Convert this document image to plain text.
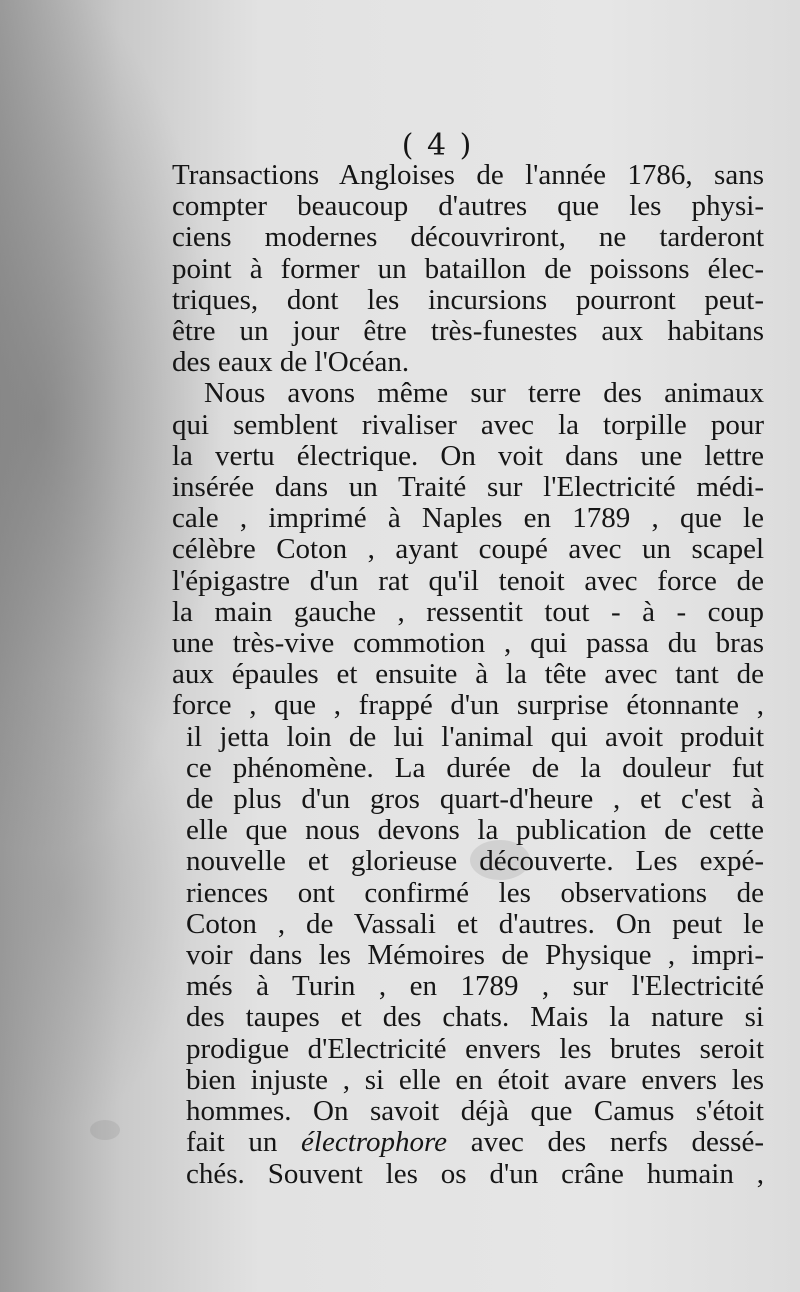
( 4 )
Transactions Angloises de l'année 1786, sans
compter beaucoup d'autres que les physi-
ciens modernes découvriront, ne tarderont
point à former un bataillon de poissons élec-
triques, dont les incursions pourront peut-
être un jour être très-funestes aux habitans
des eaux de l'Océan.
Nous avons même sur terre des animaux
qui semblent rivaliser avec la torpille pour
la vertu électrique. On voit dans une lettre
insérée dans un Traité sur l'Electricité médi-
cale , imprimé à Naples en 1789 , que le
célèbre Coton , ayant coupé avec un scapel
l'épigastre d'un rat qu'il tenoit avec force de
la main gauche , ressentit tout - à - coup
une très-vive commotion , qui passa du bras
aux épaules et ensuite à la tête avec tant de
force , que , frappé d'un surprise étonnante ,
il jetta loin de lui l'animal qui avoit produit
ce phénomène. La durée de la douleur fut
de plus d'un gros quart-d'heure , et c'est à
elle que nous devons la publication de cette
nouvelle et glorieuse découverte. Les expé-
riences ont confirmé les observations de
Coton , de Vassali et d'autres. On peut le
voir dans les Mémoires de Physique , impri-
més à Turin , en 1789 , sur l'Electricité
des taupes et des chats. Mais la nature si
prodigue d'Electricité envers les brutes seroit
bien injuste , si elle en étoit avare envers les
hommes. On savoit déjà que Camus s'étoit
fait un électrophore avec des nerfs dessé-
chés. Souvent les os d'un crâne humain ,
